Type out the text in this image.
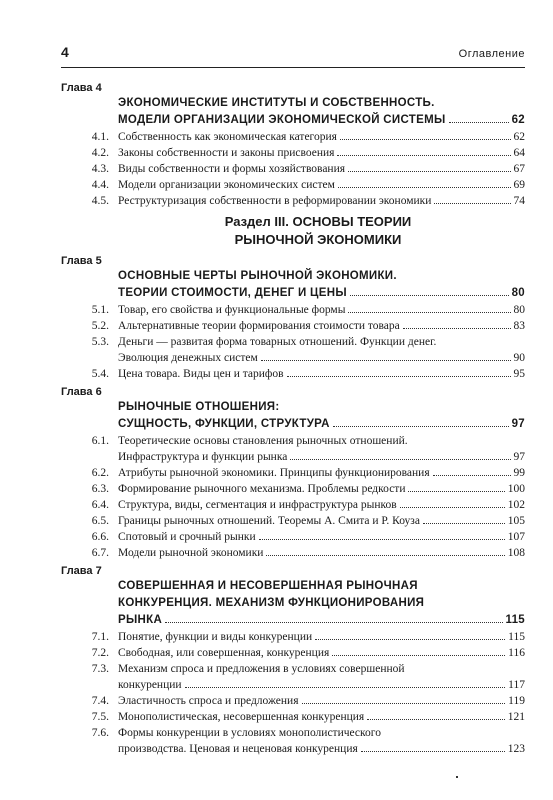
4	Оглавление
Глава 4
ЭКОНОМИЧЕСКИЕ ИНСТИТУТЫ И СОБСТВЕННОСТЬ.
МОДЕЛИ ОРГАНИЗАЦИИ ЭКОНОМИЧЕСКОЙ СИСТЕМЫ	62
4.1. Собственность как экономическая категория	62
4.2. Законы собственности и законы присвоения	64
4.3. Виды собственности и формы хозяйствования	67
4.4. Модели организации экономических систем	69
4.5. Реструктуризация собственности в реформировании экономики	74
Раздел III. ОСНОВЫ ТЕОРИИ
РЫНОЧНОЙ ЭКОНОМИКИ
Глава 5
ОСНОВНЫЕ ЧЕРТЫ РЫНОЧНОЙ ЭКОНОМИКИ.
ТЕОРИИ СТОИМОСТИ, ДЕНЕГ И ЦЕНЫ	80
5.1. Товар, его свойства и функциональные формы	80
5.2. Альтернативные теории формирования стоимости товара	83
5.3. Деньги — развитая форма товарных отношений. Функции денег.
Эволюция денежных систем	90
5.4. Цена товара. Виды цен и тарифов	95
Глава 6
РЫНОЧНЫЕ ОТНОШЕНИЯ:
СУЩНОСТЬ, ФУНКЦИИ, СТРУКТУРА	97
6.1. Теоретические основы становления рыночных отношений.
Инфраструктура и функции рынка	97
6.2. Атрибуты рыночной экономики. Принципы функционирования	99
6.3. Формирование рыночного механизма. Проблемы редкости	100
6.4. Структура, виды, сегментация и инфраструктура рынков	102
6.5. Границы рыночных отношений. Теоремы А. Смита и Р. Коуза	105
6.6. Спотовый и срочный рынки	107
6.7. Модели рыночной экономики	108
Глава 7
СОВЕРШЕННАЯ И НЕСОВЕРШЕННАЯ РЫНОЧНАЯ
КОНКУРЕНЦИЯ. МЕХАНИЗМ ФУНКЦИОНИРОВАНИЯ
РЫНКА	115
7.1. Понятие, функции и виды конкуренции	115
7.2. Свободная, или совершенная, конкуренция	116
7.3. Механизм спроса и предложения в условиях совершенной
конкуренции	117
7.4. Эластичность спроса и предложения	119
7.5. Монополистическая, несовершенная конкуренция	121
7.6. Формы конкуренции в условиях монополистического
производства. Ценовая и неценовая конкуренция	123
